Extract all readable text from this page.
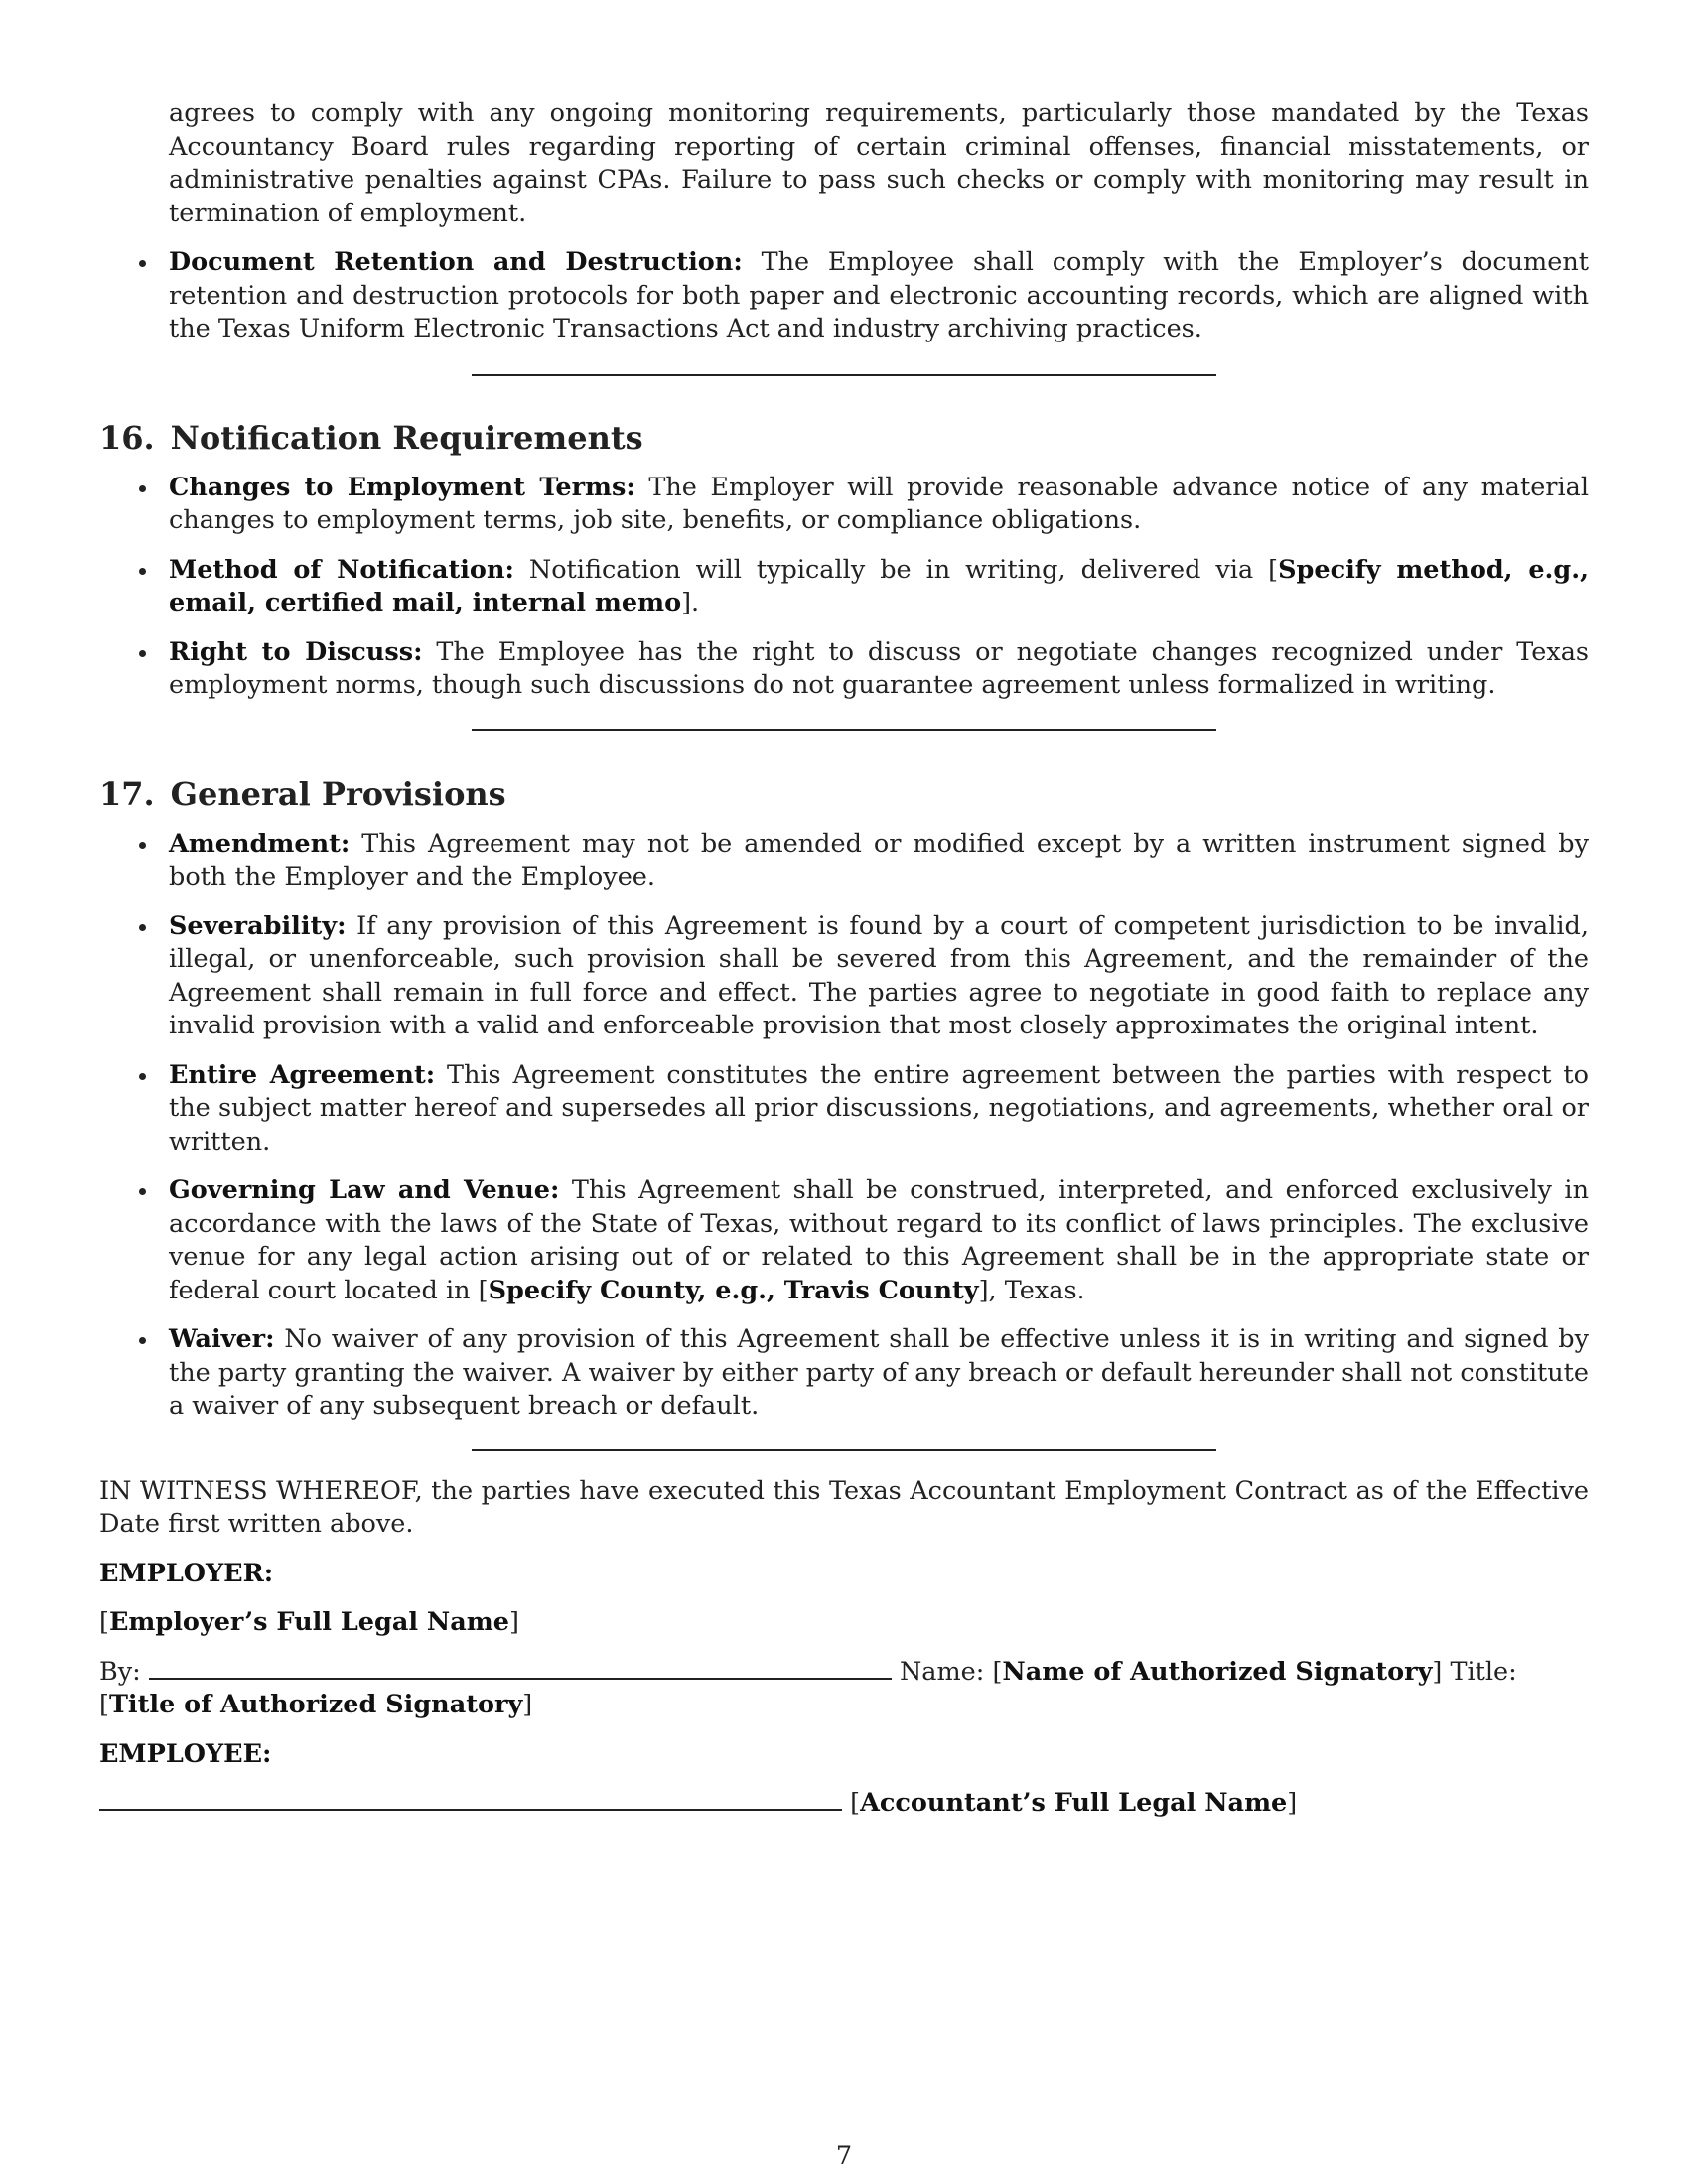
agrees to comply with any ongoing monitoring requirements, particularly those mandated by the Texas Accountancy Board rules regarding reporting of certain criminal offenses, financial misstatements, or administrative penalties against CPAs. Failure to pass such checks or comply with monitoring may result in termination of employment.

Document Retention and Destruction: The Employee shall comply with the Employer’s document retention and destruction protocols for both paper and electronic accounting records, which are aligned with the Texas Uniform Electronic Transactions Act and industry archiving practices.
16. Notification Requirements
Changes to Employment Terms: The Employer will provide reasonable advance notice of any material changes to employment terms, job site, benefits, or compliance obligations.
Method of Notification: Notification will typically be in writing, delivered via [Specify method, e.g., email, certified mail, internal memo].
Right to Discuss: The Employee has the right to discuss or negotiate changes recognized under Texas employment norms, though such discussions do not guarantee agreement unless formalized in writing.
17. General Provisions
Amendment: This Agreement may not be amended or modified except by a written instrument signed by both the Employer and the Employee.
Severability: If any provision of this Agreement is found by a court of competent jurisdiction to be invalid, illegal, or unenforceable, such provision shall be severed from this Agreement, and the remainder of the Agreement shall remain in full force and effect. The parties agree to negotiate in good faith to replace any invalid provision with a valid and enforceable provision that most closely approximates the original intent.
Entire Agreement: This Agreement constitutes the entire agreement between the parties with respect to the subject matter hereof and supersedes all prior discussions, negotiations, and agreements, whether oral or written.
Governing Law and Venue: This Agreement shall be construed, interpreted, and enforced exclusively in accordance with the laws of the State of Texas, without regard to its conflict of laws principles. The exclusive venue for any legal action arising out of or related to this Agreement shall be in the appropriate state or federal court located in [Specify County, e.g., Travis County], Texas.
Waiver: No waiver of any provision of this Agreement shall be effective unless it is in writing and signed by the party granting the waiver. A waiver by either party of any breach or default hereunder shall not constitute a waiver of any subsequent breach or default.

IN WITNESS WHEREOF, the parties have executed this Texas Accountant Employment Contract as of the Effective Date first written above.

EMPLOYER:

[Employer’s Full Legal Name]

By:	Name: [Name of Authorized Signatory] Title: [Title of Authorized Signatory]

EMPLOYEE:

[Accountant’s Full Legal Name]

7
